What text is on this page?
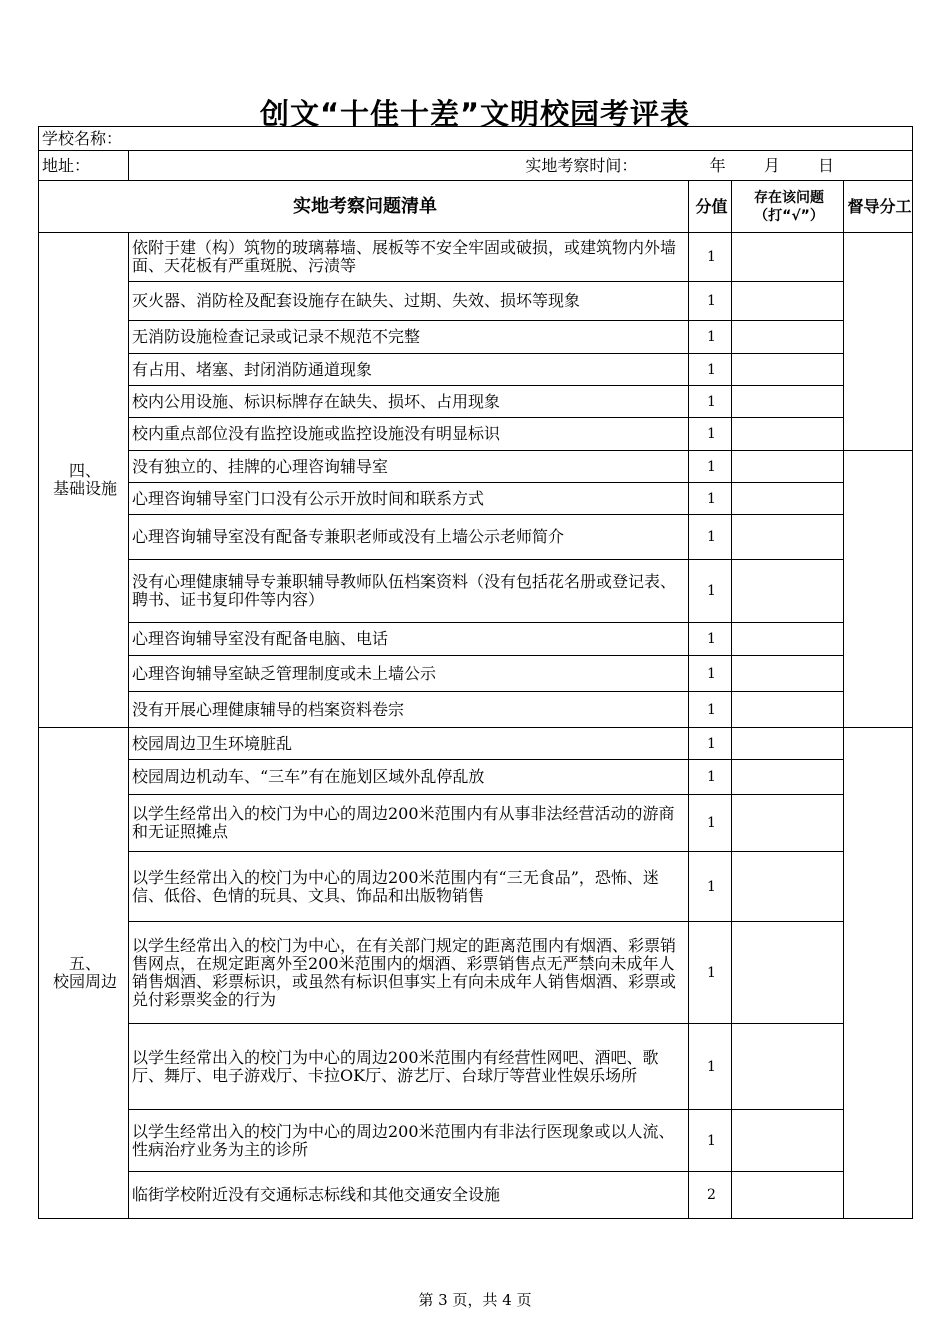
创文“十佳十差”文明校园考评表
学校名称：				
地址：	实地考察时间： 年 月 日			
实地考察问题清单		分值	存在该问题（打“√”）	督导分工
四、
基础设施	依附于建（构）筑物的玻璃幕墙、展板等不安全牢固或破损，或建筑物内外墙面、天花板有严重斑脱、污渍等	1		
	灭火器、消防栓及配套设施存在缺失、过期、失效、损坏等现象	1		
	无消防设施检查记录或记录不规范不完整	1		
	有占用、堵塞、封闭消防通道现象	1		
	校内公用设施、标识标牌存在缺失、损坏、占用现象	1		
	校内重点部位没有监控设施或监控设施没有明显标识	1		
	没有独立的、挂牌的心理咨询辅导室	1		
	心理咨询辅导室门口没有公示开放时间和联系方式	1		
	心理咨询辅导室没有配备专兼职老师或没有上墙公示老师简介	1		
	没有心理健康辅导专兼职辅导教师队伍档案资料（没有包括花名册或登记表、聘书、证书复印件等内容）	1		
	心理咨询辅导室没有配备电脑、电话	1		
	心理咨询辅导室缺乏管理制度或未上墙公示	1		
	没有开展心理健康辅导的档案资料卷宗	1		
五、
校园周边	校园周边卫生环境脏乱	1		
	校园周边机动车、“三车”有在施划区域外乱停乱放	1		
	以学生经常出入的校门为中心的周边200米范围内有从事非法经营活动的游商和无证照摊点	1		
	以学生经常出入的校门为中心的周边200米范围内有“三无食品”，恐怖、迷信、低俗、色情的玩具、文具、饰品和出版物销售	1		
	以学生经常出入的校门为中心，在有关部门规定的距离范围内有烟酒、彩票销售网点，在规定距离外至200米范围内的烟酒、彩票销售点无严禁向未成年人销售烟酒、彩票标识，或虽然有标识但事实上有向未成年人销售烟酒、彩票或兑付彩票奖金的行为	1		
	以学生经常出入的校门为中心的周边200米范围内有经营性网吧、酒吧、歌厅、舞厅、电子游戏厅、卡拉OK厅、游艺厅、台球厅等营业性娱乐场所	1		
	以学生经常出入的校门为中心的周边200米范围内有非法行医现象或以人流、性病治疗业务为主的诊所	1		
	临街学校附近没有交通标志标线和其他交通安全设施	2		
第 3 页，共 4 页
